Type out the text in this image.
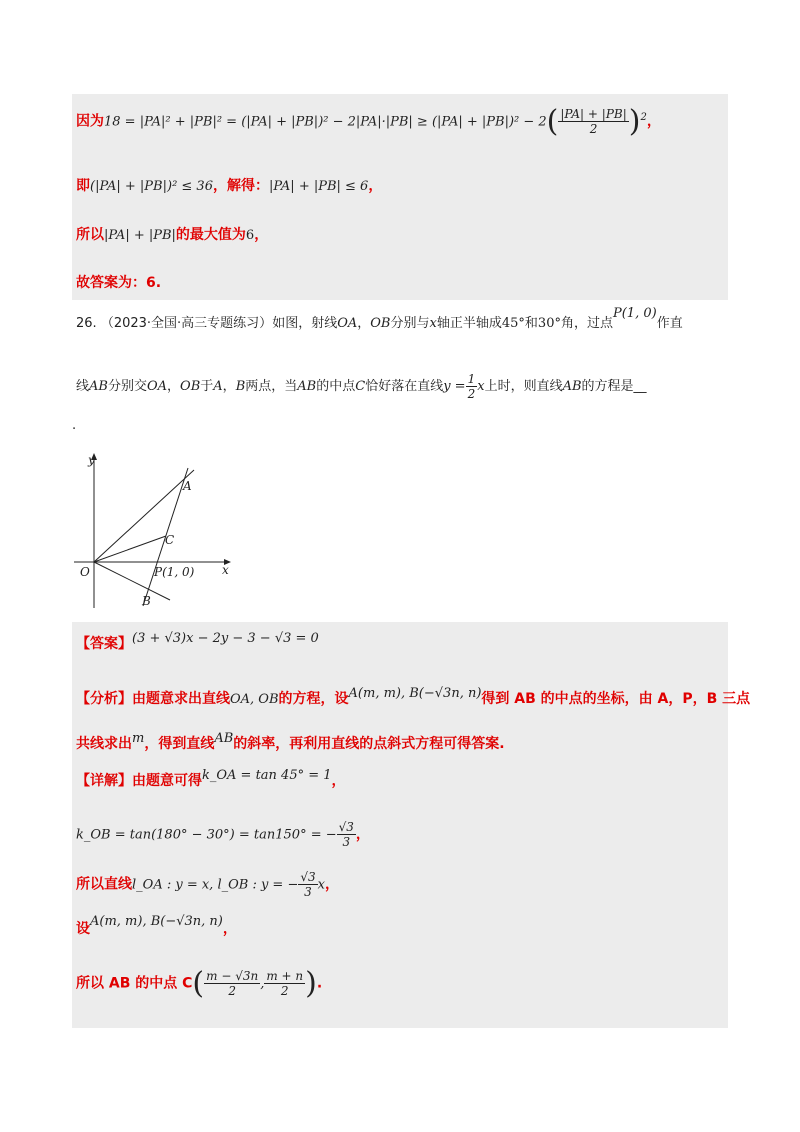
因为$18 = |PA|^2 + |PB|^2 = (|PA| + |PB|)^2 - 2|PA|\cdot|PB| \ge (|PA| + |PB|)^2 - 2( \frac{|PA| + |PB|}{2} )^2$，
即(|PA| + |PB|)² ≤ 36，解得：|PA| + |PB| ≤ 6，
所以|PA| + |PB|的最大值为6，
故答案为：6.
26. （2023·全国·高三专题练习）如图，射线OA，OB分别与x轴正半轴成45°和30°角，过点P(1, 0)作直
线AB分别交OA，OB于A，B两点，当AB的中点C恰好落在直线$y = \frac{1}{2}$ x上时，则直线AB的方程是__
.
y
x
O
A
C
P(1, 0)
B
【答案】(3 + √3)x − 2y − 3 − √3 = 0
【分析】由题意求出直线OA, OB的方程，设A(m, m), B(−√3n, n)得到 AB 的中点的坐标，由 A，P，B 三点
共线求出m，得到直线AB的斜率，再利用直线的点斜式方程可得答案.
【详解】由题意可得k_OA = tan 45° = 1，
k_OB = tan(180° − 30°) = tan150° = − $\frac{√3}{3}$ ，
所以直线l_OA : y = x, l_OB : y = − $\frac{√3}{3}$ x，
设A(m, m), B(−√3n, n)，
所以 AB 的中点 $C( \frac{m - √3n}{2}$ , $\frac{m + n}{2}$ ).
